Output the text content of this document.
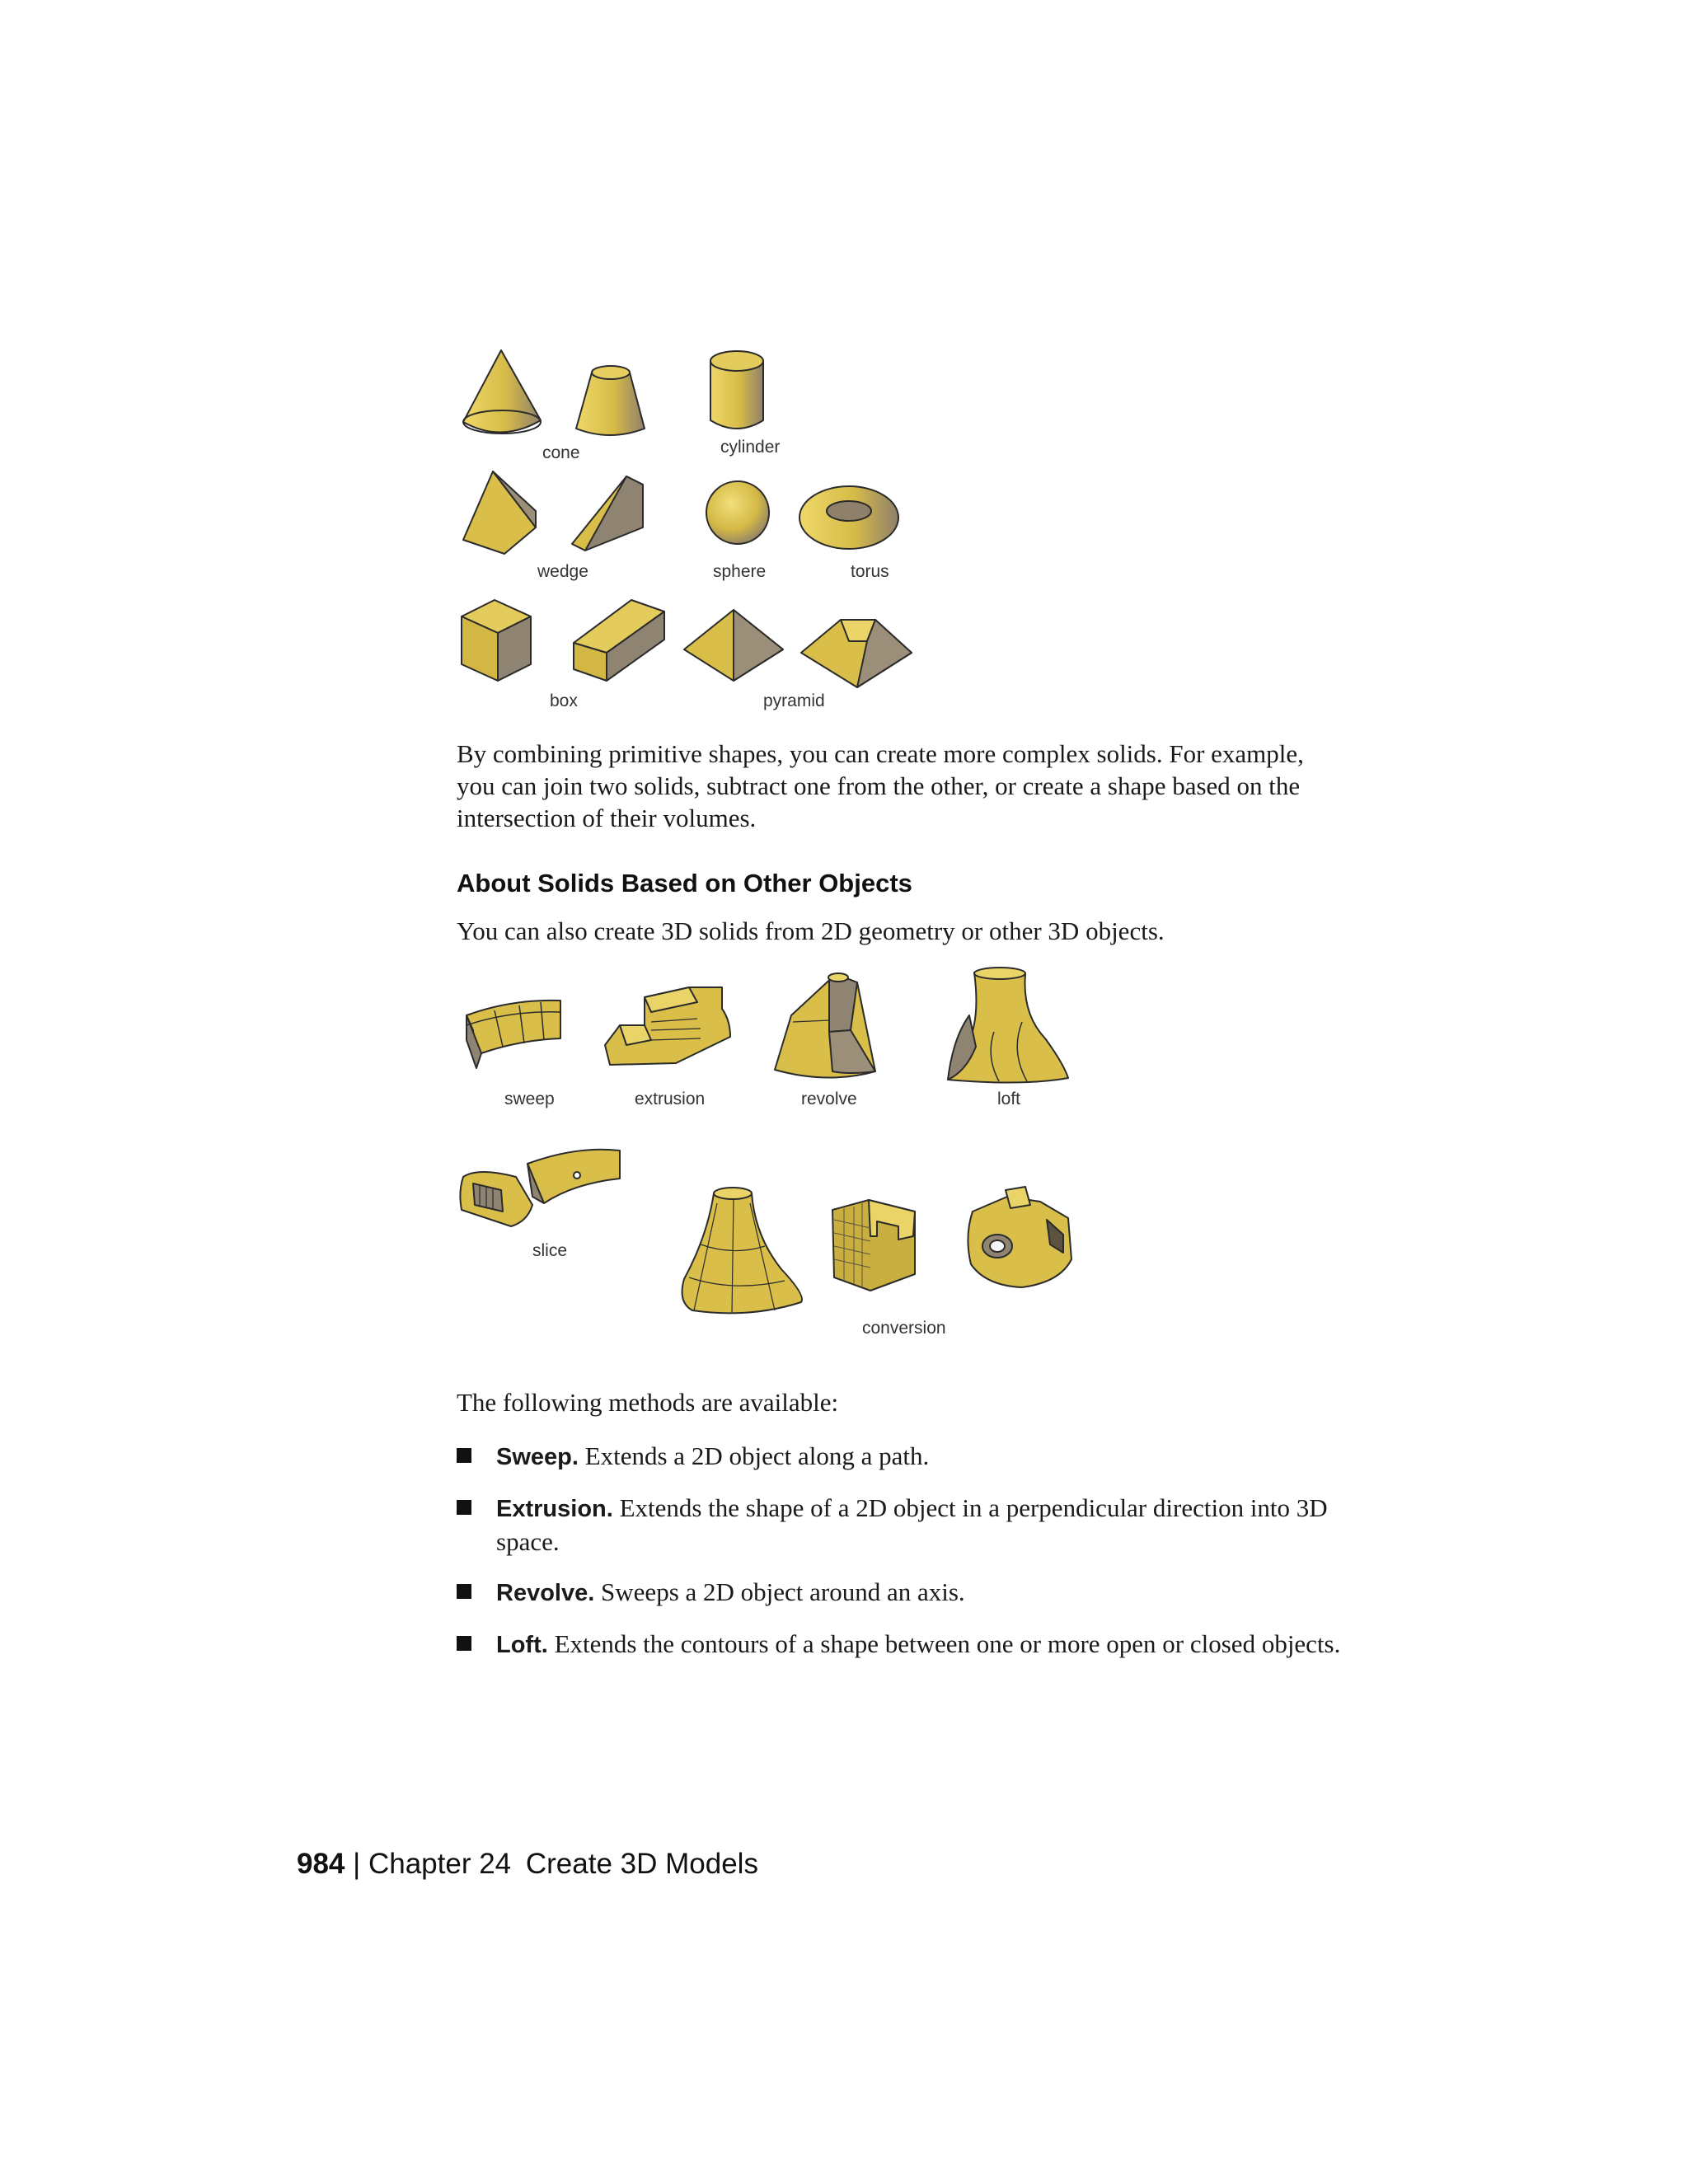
cone	cylinder
wedge	sphere	torus
box	pyramid

By combining primitive shapes, you can create more complex solids. For example, you can join two solids, subtract one from the other, or create a shape based on the intersection of their volumes.

About Solids Based on Other Objects

You can also create 3D solids from 2D geometry or other 3D objects.

sweep	extrusion	revolve	loft
slice
conversion

The following methods are available:

Sweep. Extends a 2D object along a path.
Extrusion. Extends the shape of a 2D object in a perpendicular direction into 3D space.
Revolve. Sweeps a 2D object around an axis.
Loft. Extends the contours of a shape between one or more open or closed objects.
984 | Chapter 24 Create 3D Models
